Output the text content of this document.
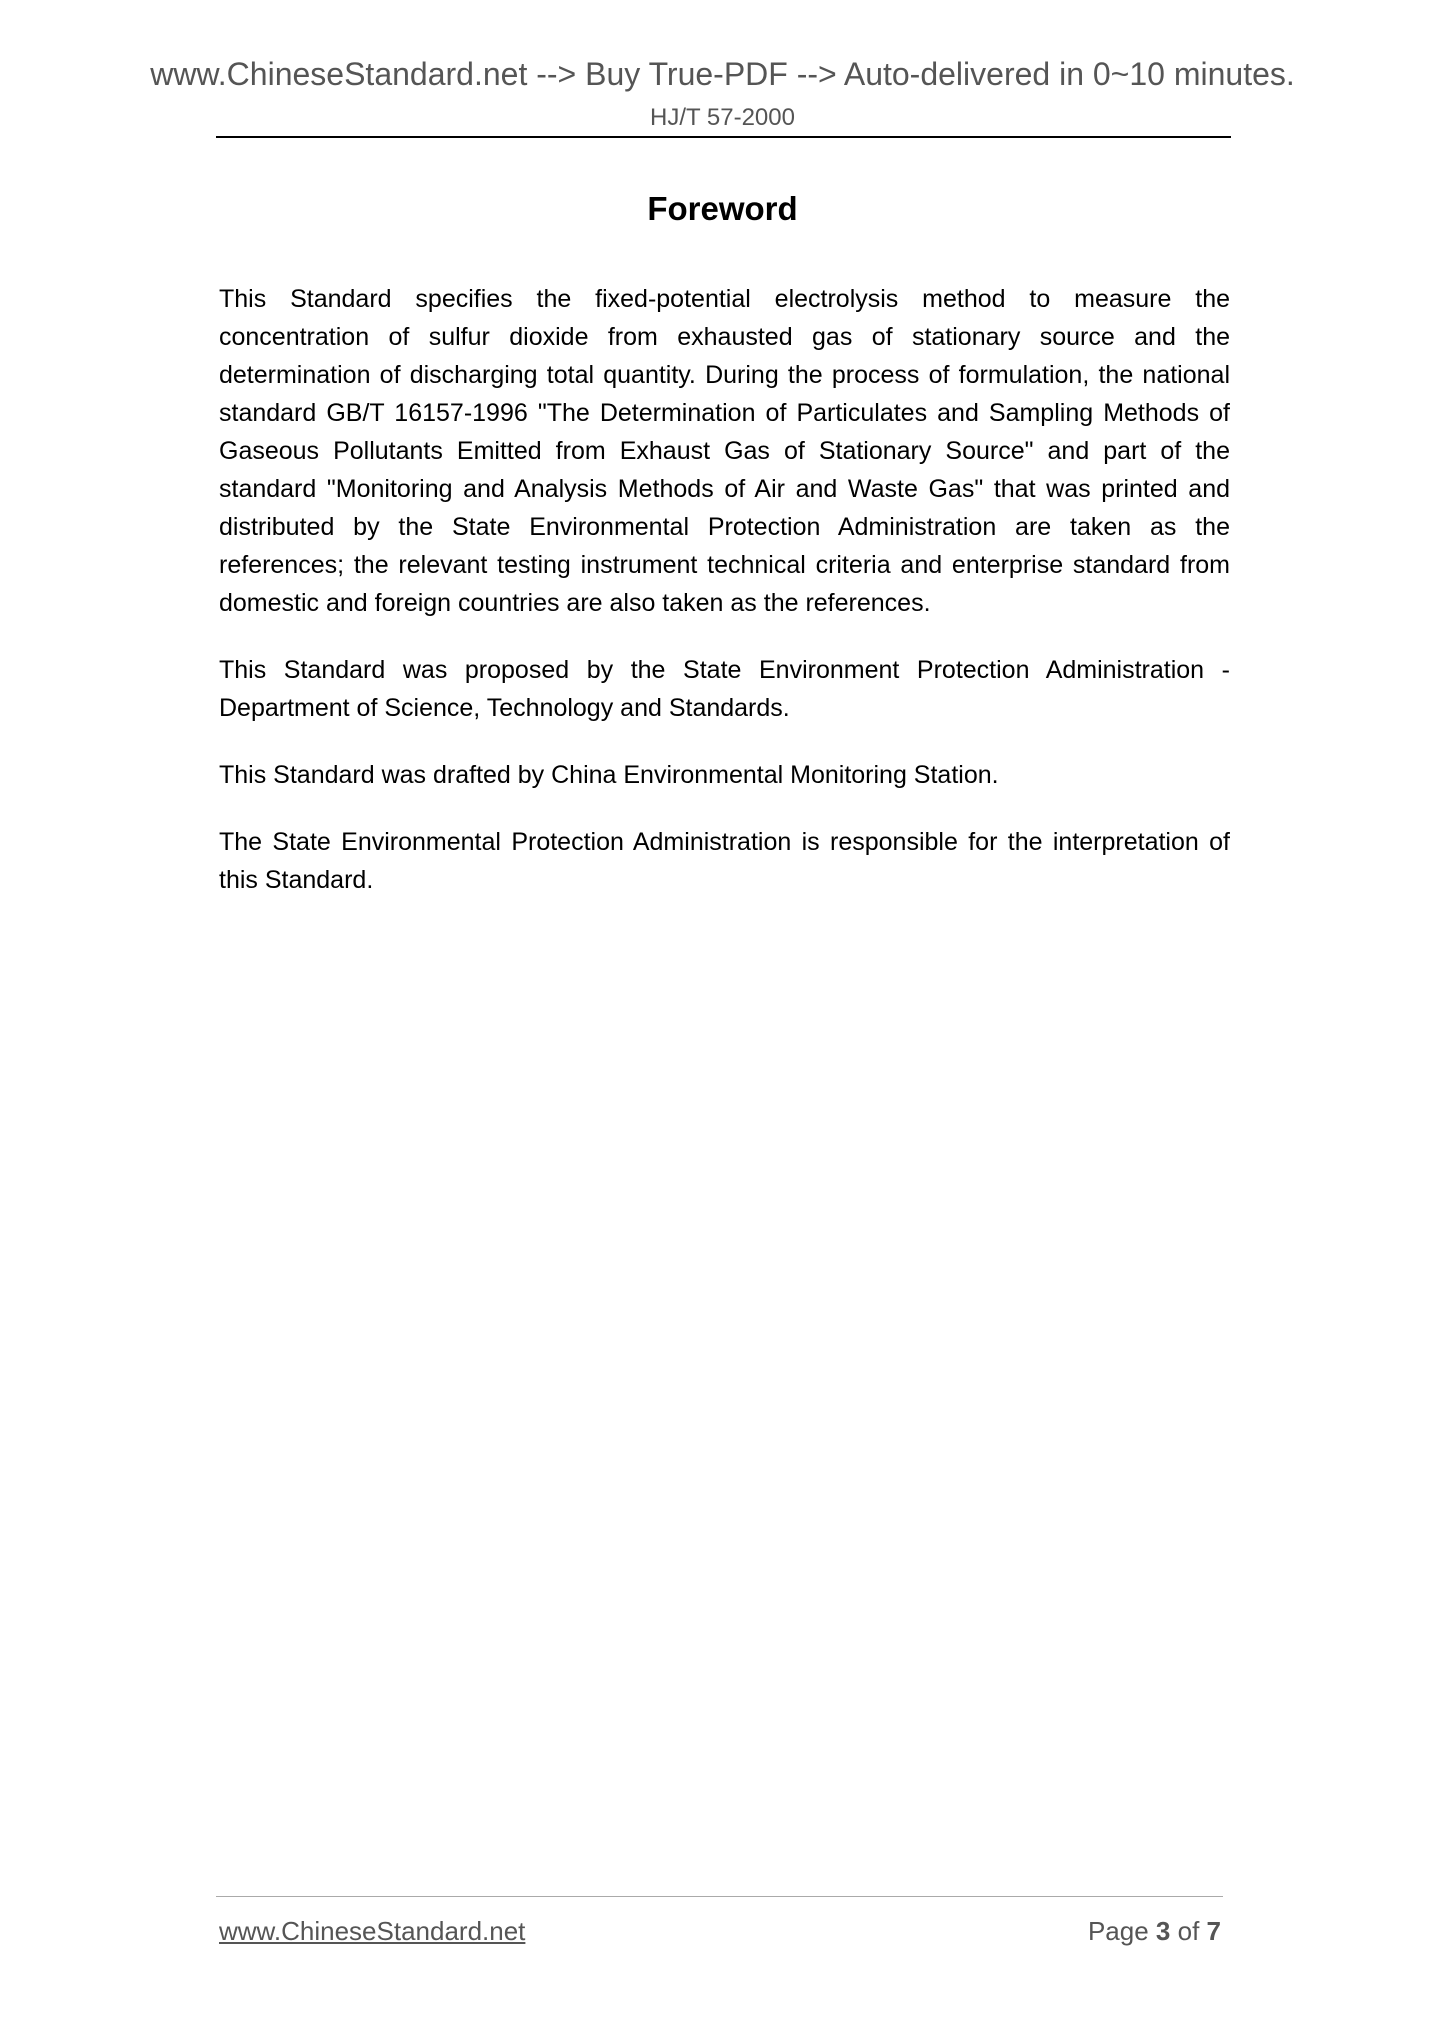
www.ChineseStandard.net --> Buy True-PDF --> Auto-delivered in 0~10 minutes.
HJ/T 57-2000
Foreword

This Standard specifies the fixed-potential electrolysis method to measure the concentration of sulfur dioxide from exhausted gas of stationary source and the determination of discharging total quantity. During the process of formulation, the national standard GB/T 16157-1996 "The Determination of Particulates and Sampling Methods of Gaseous Pollutants Emitted from Exhaust Gas of Stationary Source" and part of the standard "Monitoring and Analysis Methods of Air and Waste Gas" that was printed and distributed by the State Environmental Protection Administration are taken as the references; the relevant testing instrument technical criteria and enterprise standard from domestic and foreign countries are also taken as the references.

This Standard was proposed by the State Environment Protection Administration - Department of Science, Technology and Standards.

This Standard was drafted by China Environmental Monitoring Station.

The State Environmental Protection Administration is responsible for the interpretation of this Standard.

www.ChineseStandard.net	Page 3 of 7
